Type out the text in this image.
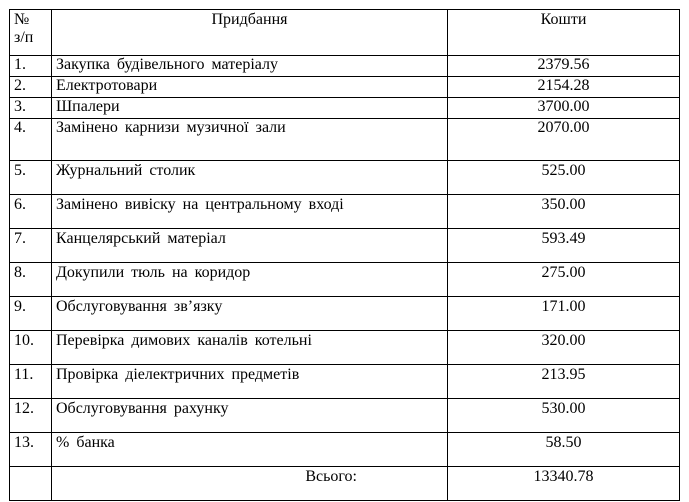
№
з/п	Придбання	Кошти
1.	Закупка будівельного матеріалу	2379.56
2.	Електротовари	2154.28
3.	Шпалери	3700.00
4.	Замінено карнизи музичної зали	2070.00
5.	Журнальний столик	525.00
6.	Замінено вивіску на центральному вході	350.00
7.	Канцелярський матеріал	593.49
8.	Докупили тюль на коридор	275.00
9.	Обслуговування зв’язку	171.00
10.	Перевірка димових каналів котельні	320.00
11.	Провірка діелектричних предметів	213.95
12.	Обслуговування рахунку	530.00
13.	% банка	58.50
	Всього:	13340.78
